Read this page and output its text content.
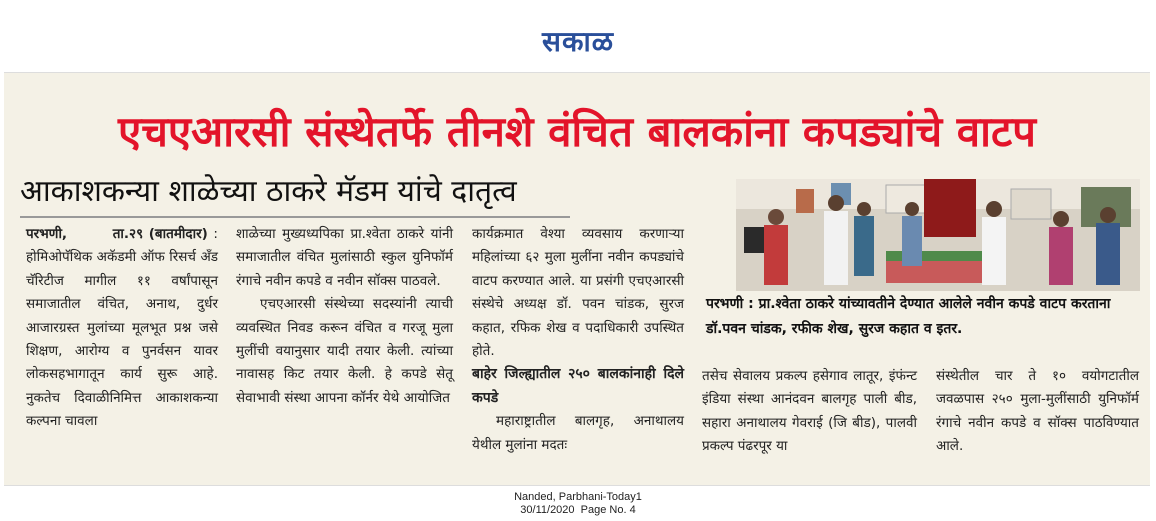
सकाळ
एचएआरसी संस्थेतर्फे तीनशे वंचित बालकांना कपड्यांचे वाटप
आकाशकन्या शाळेच्या ठाकरे मॅडम यांचे दातृत्व

परभणी,	ता.२९ (बातमीदार) : होमिओपॅथिक अकॅडमी ऑफ रिसर्च अँड चॅरिटीज मागील ११ वर्षांपासून समाजातील वंचित, अनाथ, दुर्धर आजारग्रस्त मुलांच्या मूलभूत प्रश्न जसे शिक्षण, आरोग्य व पुनर्वसन यावर लोकसहभागातून कार्य सुरू आहे. नुकतेच दिवाळीनिमित्त आकाशकन्या कल्पना चावला

शाळेच्या मुख्यध्यपिका प्रा.श्वेता ठाकरे यांनी समाजातील वंचित मुलांसाठी स्कुल युनिफॉर्म रंगाचे नवीन कपडे व नवीन सॉक्स पाठवले.

एचएआरसी संस्थेच्या सदस्यांनी त्याची व्यवस्थित निवड करून वंचित व गरजू मुला मुलींची वयानुसार यादी तयार केली. त्यांच्या नावासह किट तयार केली. हे कपडे सेतू सेवाभावी संस्था आपना कॉर्नर येथे आयोजित

कार्यक्रमात वेश्या व्यवसाय करणाऱ्या महिलांच्या ६२ मुला मुलींना नवीन कपड्यांचे वाटप करण्यात आले. या प्रसंगी एचएआरसी संस्थेचे अध्यक्ष डॉ. पवन चांडक, सुरज कहात, रफिक शेख व पदाधिकारी उपस्थित होते.

बाहेर जिल्ह्यातील २५० बालकांनाही दिले कपडे

महाराष्ट्रातील बालगृह, अनाथालय येथील मुलांना मदतः

परभणी : प्रा.श्वेता ठाकरे यांच्यावतीने देण्यात आलेले नवीन कपडे वाटप करताना डॉ.पवन चांडक, रफीक शेख, सुरज कहात व इतर.

तसेच सेवालय प्रकल्प हसेगाव लातूर, इंफंन्ट इंडिया संस्था आनंदवन बालगृह पाली बीड, सहारा अनाथालय गेवराई (जि बीड), पालवी प्रकल्प पंढरपूर या

संस्थेतील चार ते १० वयोगटातील जवळपास २५० मुला-मुलींसाठी युनिफॉर्म रंगाचे नवीन कपडे व सॉक्स पाठविण्यात आले.

Nanded, Parbhani-Today1
30/11/2020  Page No. 4
